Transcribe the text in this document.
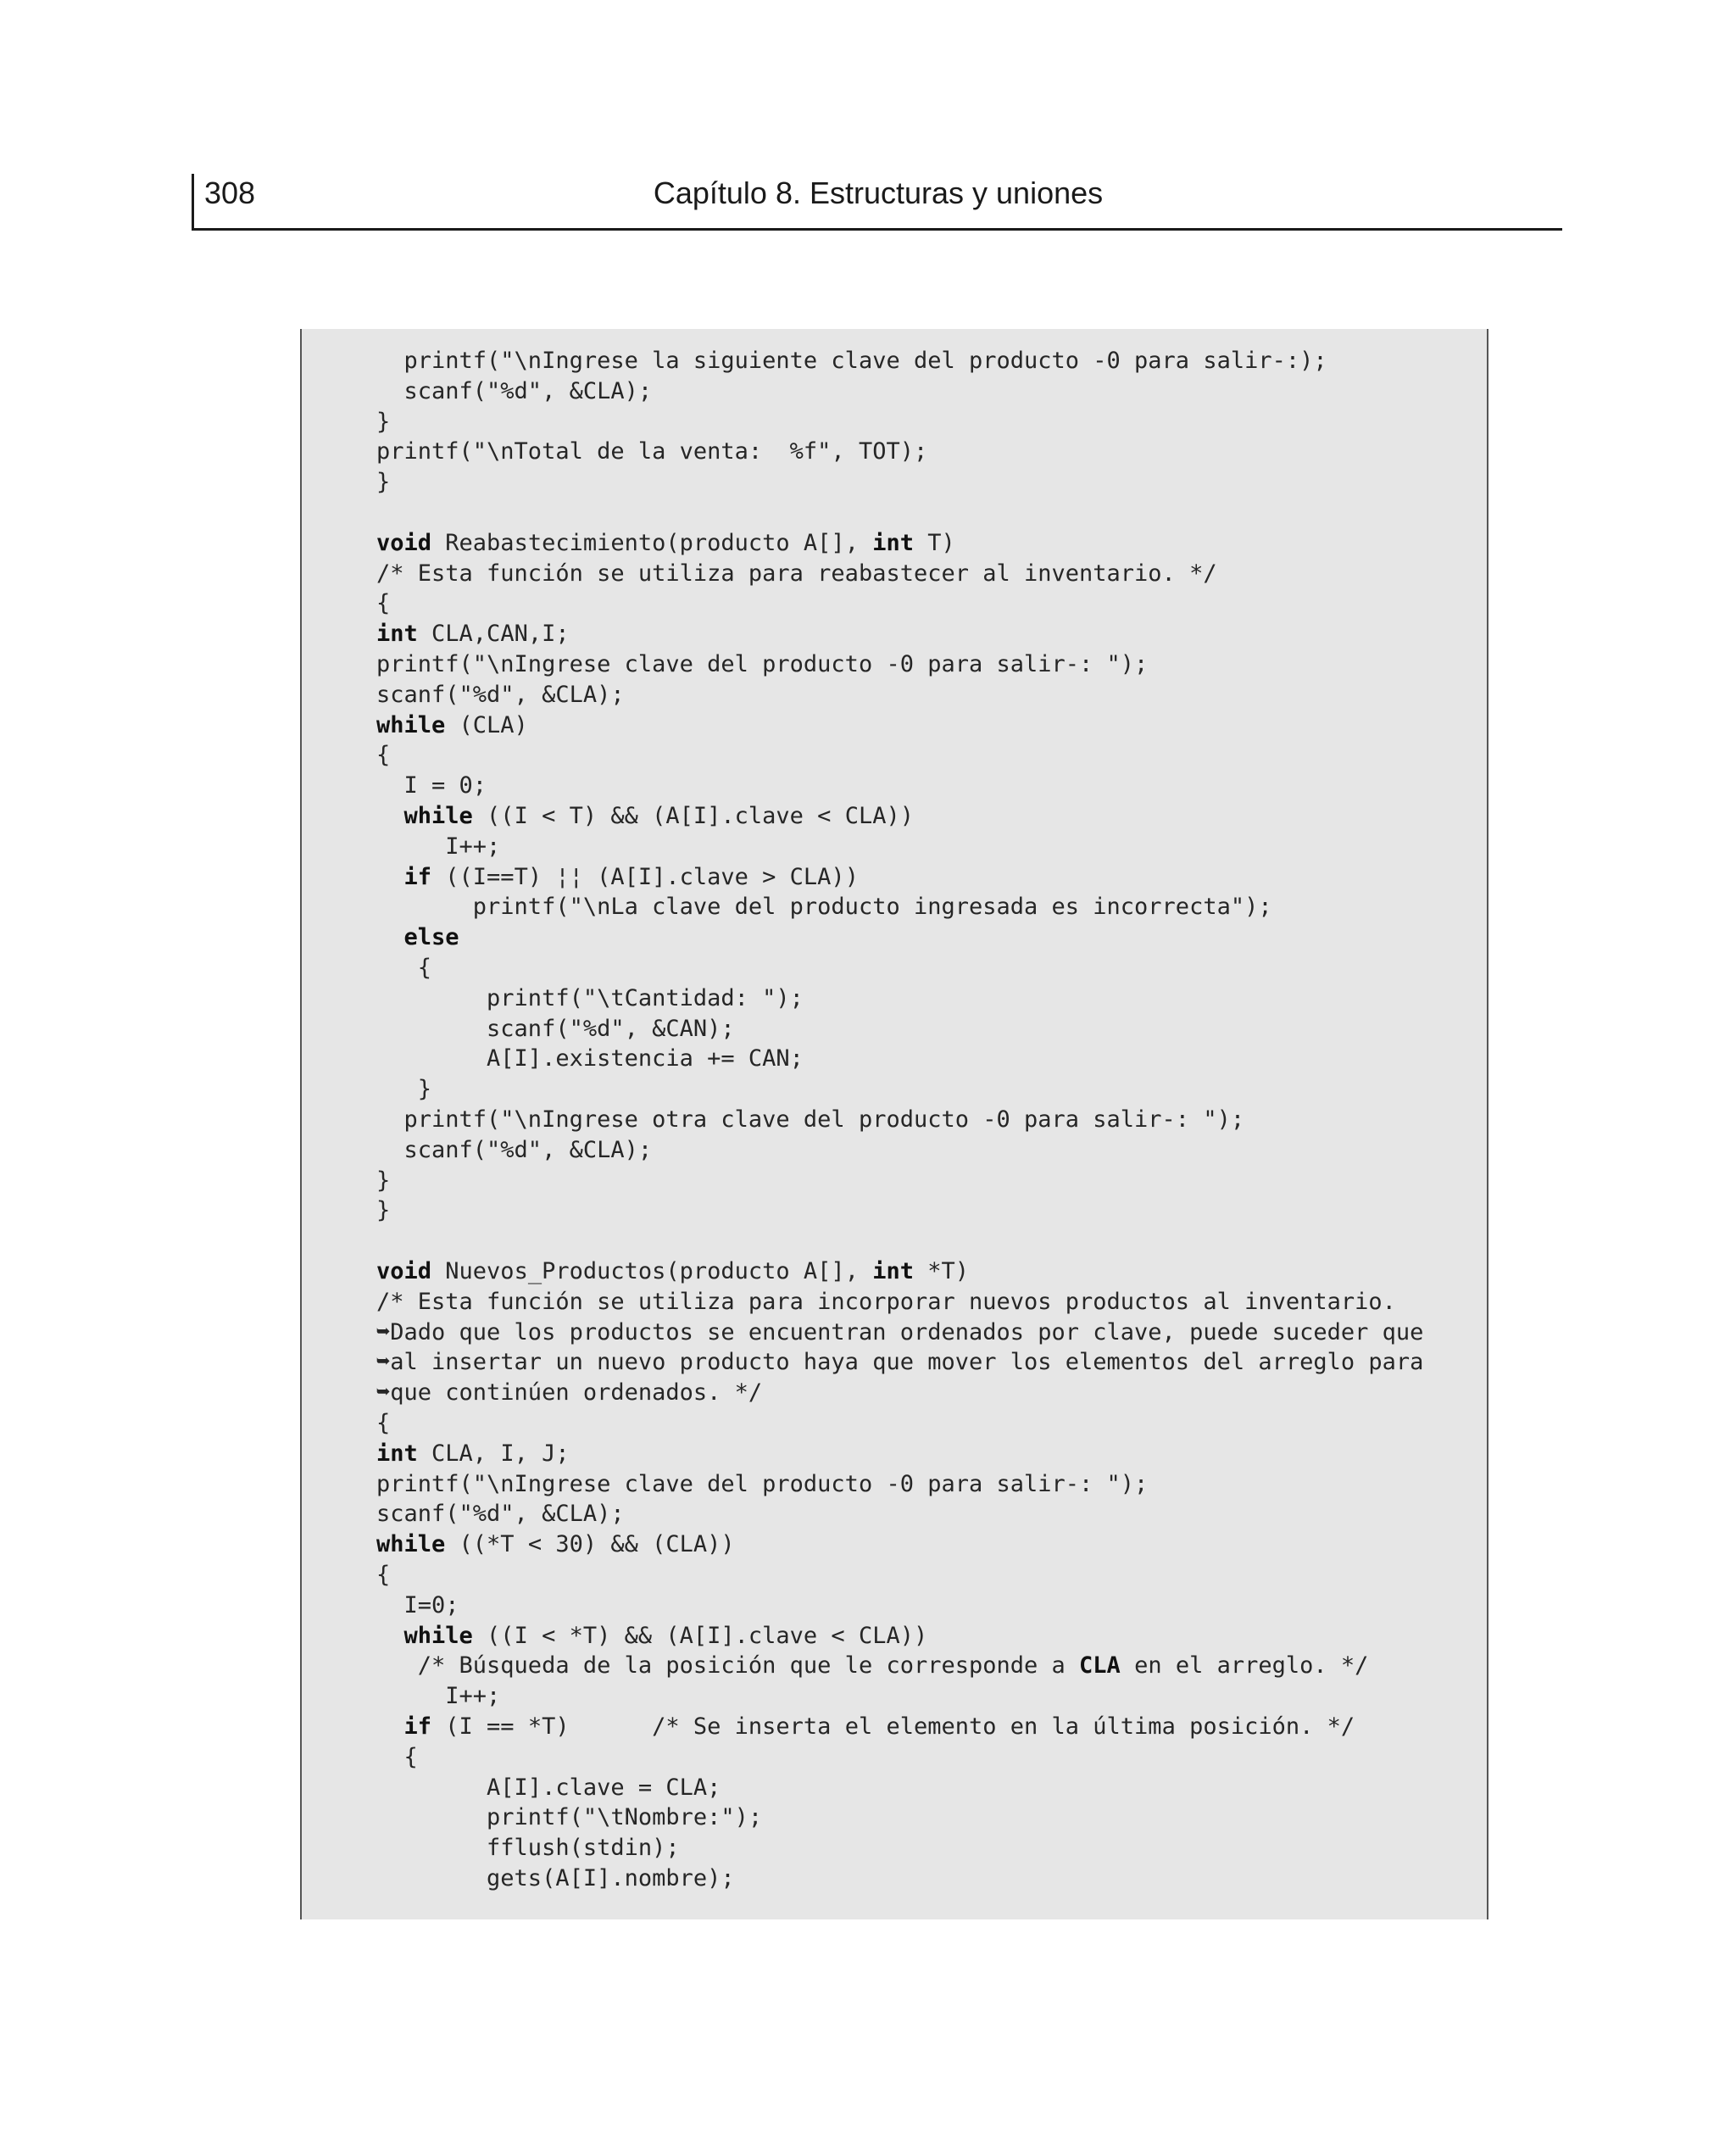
308	Capítulo 8. Estructuras y uniones
printf("\nIngrese la siguiente clave del producto -0 para salir-:);
scanf("%d", &CLA);
}
printf("\nTotal de la venta:  %f", TOT);
}
void Reabastecimiento(producto A[], int T)
/* Esta función se utiliza para reabastecer al inventario. */
{
int CLA,CAN,I;
printf("\nIngrese clave del producto -0 para salir-: ");
scanf("%d", &CLA);
while (CLA)
{
I = 0;
while ((I < T) && (A[I].clave < CLA))
I++;
if ((I==T) ¦¦ (A[I].clave > CLA))
printf("\nLa clave del producto ingresada es incorrecta");
else
{
printf("\tCantidad: ");
scanf("%d", &CAN);
A[I].existencia += CAN;
}
printf("\nIngrese otra clave del producto -0 para salir-: ");
scanf("%d", &CLA);
}
}
void Nuevos_Productos(producto A[], int *T)
/* Esta función se utiliza para incorporar nuevos productos al inventario.
➥Dado que los productos se encuentran ordenados por clave, puede suceder que
➥al insertar un nuevo producto haya que mover los elementos del arreglo para
➥que continúen ordenados. */
{
int CLA, I, J;
printf("\nIngrese clave del producto -0 para salir-: ");
scanf("%d", &CLA);
while ((*T < 30) && (CLA))
{
I=0;
while ((I < *T) && (A[I].clave < CLA))
/* Búsqueda de la posición que le corresponde a CLA en el arreglo. */
I++;
if (I == *T)      /* Se inserta el elemento en la última posición. */
{
A[I].clave = CLA;
printf("\tNombre:");
fflush(stdin);
gets(A[I].nombre);
